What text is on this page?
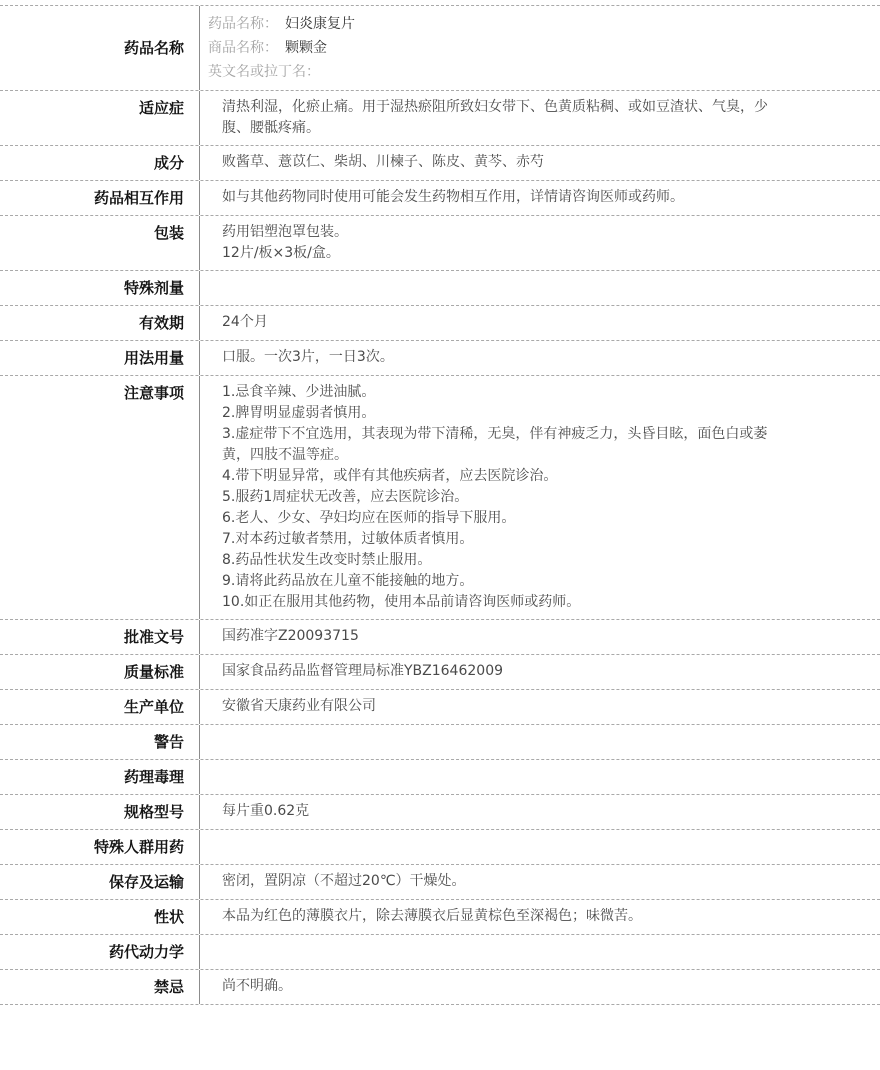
药品名称
药品名称： 妇炎康复片
商品名称： 颗颗金
英文名或拉丁名：
适应症	清热利湿，化瘀止痛。用于湿热瘀阻所致妇女带下、色黄质粘稠、或如豆渣状、气臭，少腹、腰骶疼痛。
成分	败酱草、薏苡仁、柴胡、川楝子、陈皮、黄芩、赤芍
药品相互作用	如与其他药物同时使用可能会发生药物相互作用，详情请咨询医师或药师。
包装	药用铝塑泡罩包装。
12片/板×3板/盒。
特殊剂量
有效期	24个月
用法用量	口服。一次3片，一日3次。
注意事项	1.忌食辛辣、少进油腻。
2.脾胃明显虚弱者慎用。
3.虚症带下不宜选用，其表现为带下清稀，无臭，伴有神疲乏力，头昏目眩，面色白或萎黄，四肢不温等症。
4.带下明显异常，或伴有其他疾病者，应去医院诊治。
5.服药1周症状无改善，应去医院诊治。
6.老人、少女、孕妇均应在医师的指导下服用。
7.对本药过敏者禁用，过敏体质者慎用。
8.药品性状发生改变时禁止服用。
9.请将此药品放在儿童不能接触的地方。
10.如正在服用其他药物，使用本品前请咨询医师或药师。
批准文号	国药准字Z20093715
质量标准	国家食品药品监督管理局标准YBZ16462009
生产单位	安徽省天康药业有限公司
警告
药理毒理
规格型号	每片重0.62克
特殊人群用药
保存及运输	密闭，置阴凉（不超过20℃）干燥处。
性状	本品为红色的薄膜衣片，除去薄膜衣后显黄棕色至深褐色；味微苦。
药代动力学
禁忌	尚不明确。
